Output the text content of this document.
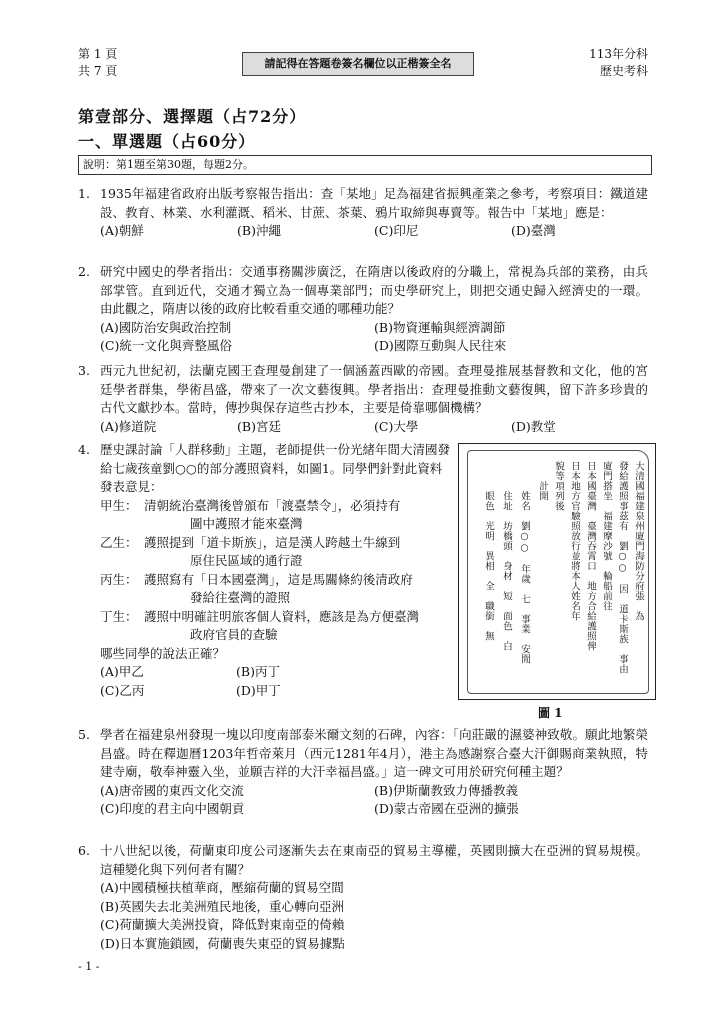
第 1 頁
共 7 頁
請記得在答題卷簽名欄位以正楷簽全名
113年分科
歷史考科
第壹部分、選擇題（占72分）
一、單選題（占60分）
說明：第1題至第30題，每題2分。
1. 1935年福建省政府出版考察報告指出：查「某地」足為福建省振興產業之參考，考察項目：鐵道建設、教育、林業、水利灌溉、稻米、甘蔗、茶葉、鴉片取締與專賣等。報告中「某地」應是：
(A)朝鮮	(B)沖繩	(C)印尼	(D)臺灣
2. 研究中國史的學者指出：交通事務關涉廣泛，在隋唐以後政府的分職上，常視為兵部的業務，由兵部掌管。直到近代，交通才獨立為一個專業部門；而史學研究上，則把交通史歸入經濟史的一環。由此觀之，隋唐以後的政府比較看重交通的哪種功能？
(A)國防治安與政治控制	(B)物資運輸與經濟調節
(C)統一文化與齊整風俗	(D)國際互動與人民往來
3. 西元九世紀初，法蘭克國王查理曼創建了一個涵蓋西歐的帝國。查理曼推展基督教和文化，他的宮廷學者群集，學術昌盛，帶來了一次文藝復興。學者指出：查理曼推動文藝復興，留下許多珍貴的古代文獻抄本。當時，傳抄與保存這些古抄本，主要是倚靠哪個機構？
(A)修道院	(B)宮廷	(C)大學	(D)教堂
4. 歷史課討論「人群移動」主題，老師提供一份光緒年間大清國發給七歲孩童劉○○的部分護照資料，如圖1。同學們針對此資料發表意見：
甲生： 清朝統治臺灣後曾頒布「渡臺禁令」，必須持有
圖中護照才能來臺灣
乙生： 護照提到「道卡斯族」，這是漢人跨越土牛線到
原住民區域的通行證
丙生： 護照寫有「日本國臺灣」，這是馬關條約後清政府
發給往臺灣的證照
丁生： 護照中明確註明旅客個人資料，應該是為方便臺灣
政府官員的查驗
哪些同學的說法正確？
(A)甲乙	(B)丙丁
(C)乙丙	(D)甲丁
大清國福建泉州廈門海防分府張　為
發給護照事茲有　劉○○　因　道卡斯族　事由
廈門搭坐　福建摩沙號　輪船前往
日本國臺灣　臺灣吞霄口　地方合給護照俾
日本地方官驗照放行並將本人姓名年
貌等項列後
計開
姓名　劉○○　年歲　七　事業　安閒
住址　坊橋頭　身材　短　面色　白
眼色　光明　異相　全　職銜　無
圖 1
5. 學者在福建泉州發現一塊以印度南部泰米爾文刻的石碑，內容：「向莊嚴的濕婆神致敬。願此地繁榮昌盛。時在釋迦曆1203年哲帝萊月（西元1281年4月），港主為感謝察合臺大汗御賜商業執照，特建寺廟，敬奉神靈入坐，並願吉祥的大汗幸福昌盛。」這一碑文可用於研究何種主題？
(A)唐帝國的東西文化交流	(B)伊斯蘭教致力傳播教義
(C)印度的君主向中國朝貢	(D)蒙古帝國在亞洲的擴張
6. 十八世紀以後，荷蘭東印度公司逐漸失去在東南亞的貿易主導權，英國則擴大在亞洲的貿易規模。這種變化與下列何者有關？
(A)中國積極扶植華商，壓縮荷蘭的貿易空間
(B)英國失去北美洲殖民地後，重心轉向亞洲
(C)荷蘭擴大美洲投資，降低對東南亞的倚賴
(D)日本實施鎖國，荷蘭喪失東亞的貿易據點
- 1 -
